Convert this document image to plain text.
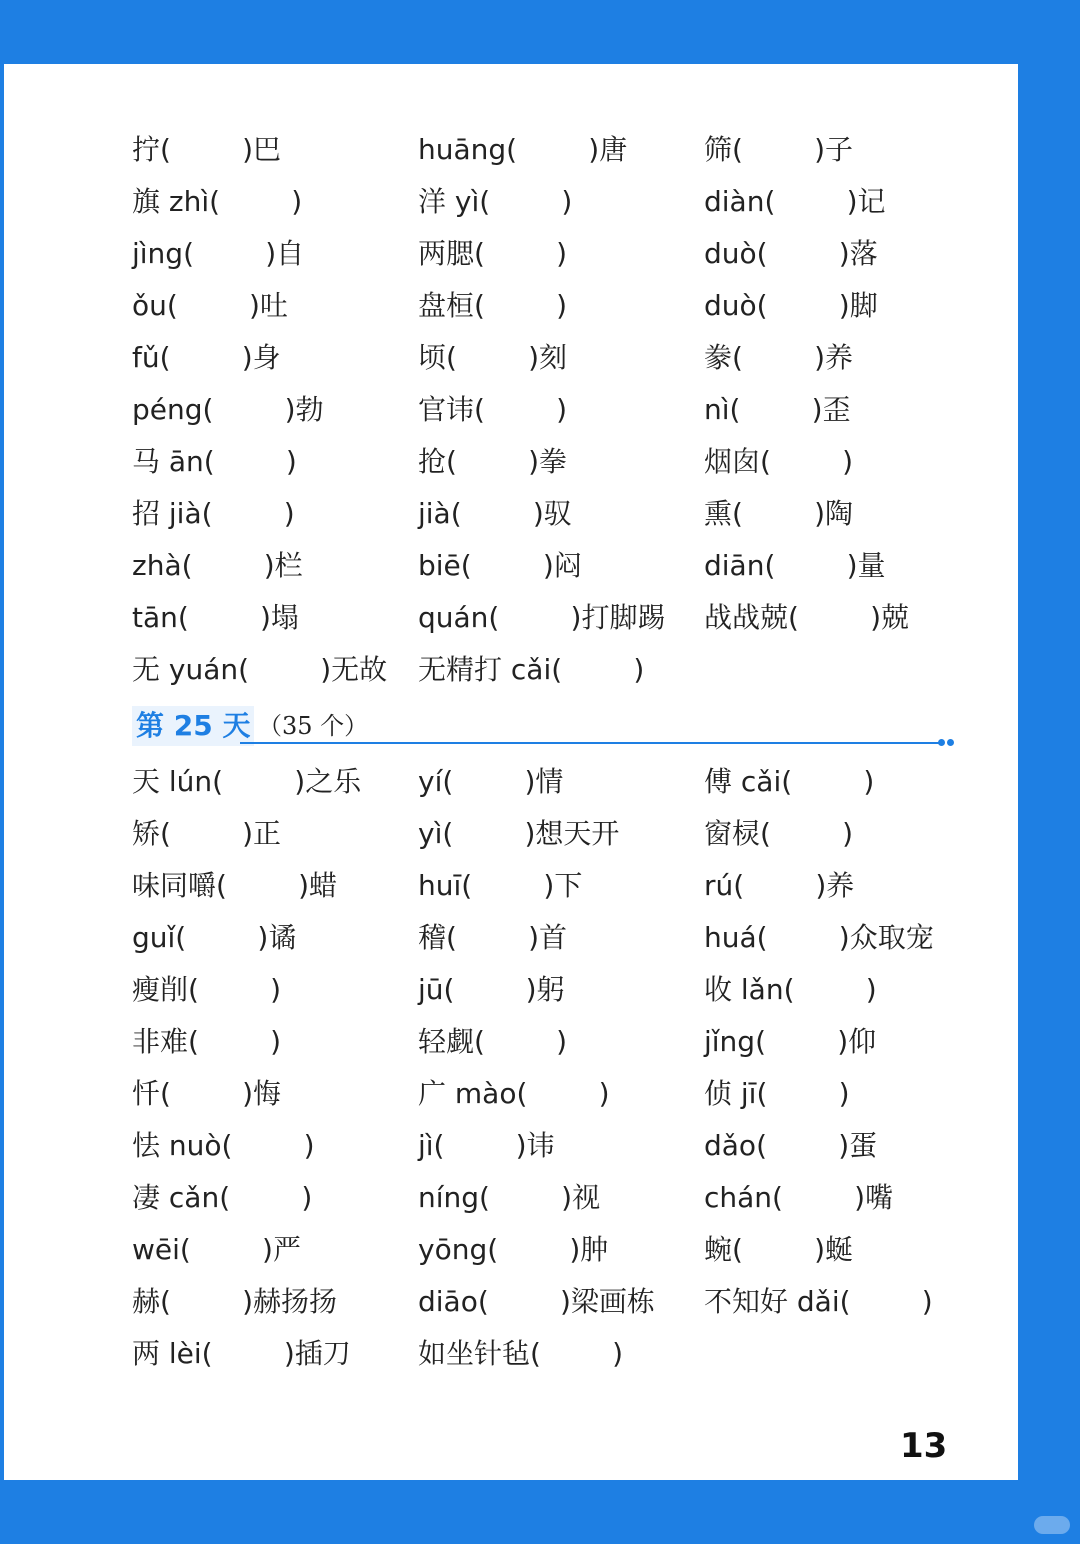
拧(        )巴	huāng(        )唐	筛(        )子
旗 zhì(        )	洋 yì(        )	diàn(        )记
jìng(        )自	两腮(        )	duò(        )落
ǒu(        )吐	盘桓(        )	duò(        )脚
fǔ(        )身	顷(        )刻	豢(        )养
péng(        )勃	官讳(        )	nì(        )歪
马 ān(        )	抢(        )拳	烟囱(        )
招 jià(        )	jià(        )驭	熏(        )陶
zhà(        )栏	biē(        )闷	diān(        )量
tān(        )塌	quán(        )打脚踢	战战兢(        )兢
无 yuán(        )无故	无精打 cǎi(        )
第 25 天 （35 个）
天 lún(        )之乐	yí(        )情	傅 cǎi(        )
矫(        )正	yì(        )想天开	窗棂(        )
味同嚼(        )蜡	huī(        )下	rú(        )养
guǐ(        )谲	稽(        )首	huá(        )众取宠
瘦削(        )	jū(        )躬	收 lǎn(        )
非难(        )	轻觑(        )	jǐng(        )仰
忏(        )悔	广 mào(        )	侦 jī(        )
怯 nuò(        )	jì(        )讳	dǎo(        )蛋
凄 cǎn(        )	níng(        )视	chán(        )嘴
wēi(        )严	yōng(        )肿	蜿(        )蜒
赫(        )赫扬扬	diāo(        )梁画栋	不知好 dǎi(        )
两 lèi(        )插刀	如坐针毡(        )
13
